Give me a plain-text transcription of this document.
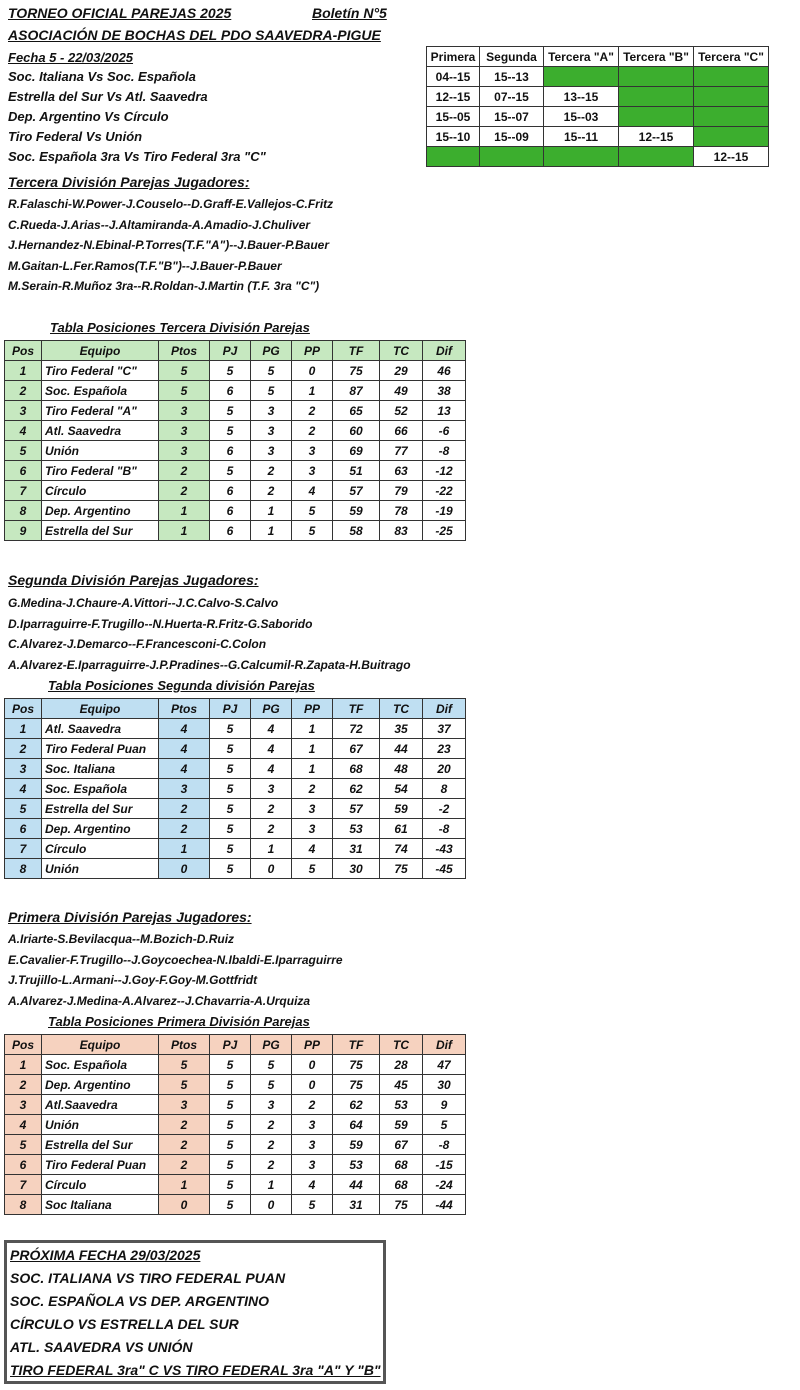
TORNEO OFICIAL PAREJAS 2025	Boletín N°5
ASOCIACIÓN DE BOCHAS DEL PDO SAAVEDRA-PIGUE
Fecha 5 - 22/03/2025
Soc. Italiana Vs Soc. Española
Estrella del Sur Vs Atl. Saavedra
Dep. Argentino Vs Círculo
Tiro Federal Vs Unión
Soc. Española 3ra Vs Tiro Federal 3ra "C"
Primera	Segunda	Tercera "A"	Tercera "B"	Tercera "C"
04--15	15--13			
12--15	07--15	13--15		
15--05	15--07	15--03		
15--10	15--09	15--11	12--15	
				12--15
Tercera División Parejas Jugadores:
R.Falaschi-W.Power-J.Couselo--D.Graff-E.Vallejos-C.Fritz
C.Rueda-J.Arias--J.Altamiranda-A.Amadio-J.Chuliver
J.Hernandez-N.Ebinal-P.Torres(T.F."A")--J.Bauer-P.Bauer
M.Gaitan-L.Fer.Ramos(T.F."B")--J.Bauer-P.Bauer
M.Serain-R.Muñoz 3ra--R.Roldan-J.Martin (T.F. 3ra "C")
Tabla Posiciones Tercera División Parejas
Pos	Equipo	Ptos	PJ	PG	PP	TF	TC	Dif
1	Tiro Federal "C"	5	5	5	0	75	29	46
2	Soc. Española	5	6	5	1	87	49	38
3	Tiro Federal "A"	3	5	3	2	65	52	13
4	Atl. Saavedra	3	5	3	2	60	66	-6
5	Unión	3	6	3	3	69	77	-8
6	Tiro Federal "B"	2	5	2	3	51	63	-12
7	Círculo	2	6	2	4	57	79	-22
8	Dep. Argentino	1	6	1	5	59	78	-19
9	Estrella del Sur	1	6	1	5	58	83	-25
Segunda División Parejas Jugadores:
G.Medina-J.Chaure-A.Vittori--J.C.Calvo-S.Calvo
D.Iparraguirre-F.Trugillo--N.Huerta-R.Fritz-G.Saborido
C.Alvarez-J.Demarco--F.Francesconi-C.Colon
A.Alvarez-E.Iparraguirre-J.P.Pradines--G.Calcumil-R.Zapata-H.Buitrago
Tabla Posiciones Segunda división Parejas
Pos	Equipo	Ptos	PJ	PG	PP	TF	TC	Dif
1	Atl. Saavedra	4	5	4	1	72	35	37
2	Tiro Federal Puan	4	5	4	1	67	44	23
3	Soc. Italiana	4	5	4	1	68	48	20
4	Soc. Española	3	5	3	2	62	54	8
5	Estrella del Sur	2	5	2	3	57	59	-2
6	Dep. Argentino	2	5	2	3	53	61	-8
7	Círculo	1	5	1	4	31	74	-43
8	Unión	0	5	0	5	30	75	-45
Primera División Parejas Jugadores:
A.Iriarte-S.Bevilacqua--M.Bozich-D.Ruiz
E.Cavalier-F.Trugillo--J.Goycoechea-N.Ibaldi-E.Iparraguirre
J.Trujillo-L.Armani--J.Goy-F.Goy-M.Gottfridt
A.Alvarez-J.Medina-A.Alvarez--J.Chavarria-A.Urquiza
Tabla Posiciones Primera División Parejas
Pos	Equipo	Ptos	PJ	PG	PP	TF	TC	Dif
1	Soc. Española	5	5	5	0	75	28	47
2	Dep. Argentino	5	5	5	0	75	45	30
3	Atl.Saavedra	3	5	3	2	62	53	9
4	Unión	2	5	2	3	64	59	5
5	Estrella del Sur	2	5	2	3	59	67	-8
6	Tiro Federal Puan	2	5	2	3	53	68	-15
7	Círculo	1	5	1	4	44	68	-24
8	Soc Italiana	0	5	0	5	31	75	-44
PRÓXIMA FECHA 29/03/2025
SOC. ITALIANA VS TIRO FEDERAL PUAN
SOC. ESPAÑOLA VS DEP. ARGENTINO
CÍRCULO VS ESTRELLA DEL SUR
ATL. SAAVEDRA VS UNIÓN
TIRO FEDERAL 3ra" C VS TIRO FEDERAL 3ra "A" Y "B"
